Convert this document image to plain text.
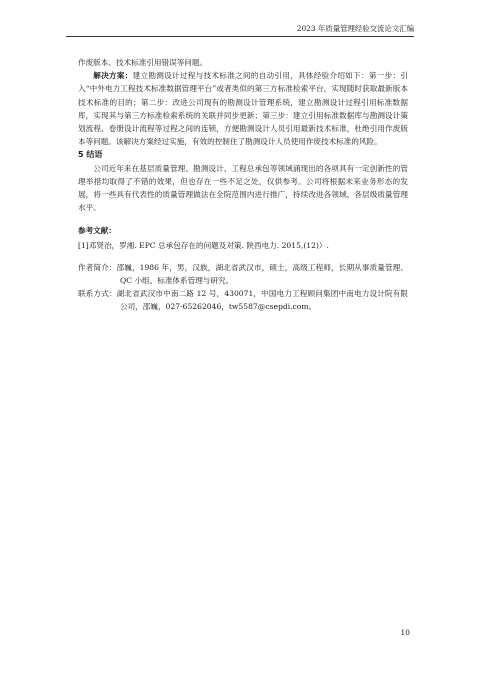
2023 年质量管理经验交流论文汇编

作废版本、技术标准引用错误等问题。

解决方案：建立勘测设计过程与技术标准之间的自动引用，具体经验介绍如下：第一步：引入“中外电力工程技术标准数据管理平台”或者类似的第三方标准检索平台，实现随时获取最新版本技术标准的目的；第二步：改进公司现有的勘测设计管理系统，建立勘测设计过程引用标准数据库，实现其与第三方标准检索系统的关联并同步更新；第三步：建立引用标准数据库与勘测设计策划流程、卷册设计流程等过程之间的连锁，方便勘测设计人员引用最新技术标准，杜绝引用作废版本等问题。该解决方案经过实施，有效的控制住了勘测设计人员使用作废技术标准的风险。

5 结语

公司近年来在基层质量管理、勘测设计、工程总承包等领域涌现出的各项具有一定创新性的管理举措均取得了不错的效果，但也存在一些不足之处，仅供参考。公司将根据未来业务形态的发展，将一些具有代表性的质量管理做法在全院范围内进行推广，持续改进各领域、各层级质量管理水平。

参考文献：

[1]邓贤治，罗湘. EPC 总承包存在的问题及对策. 陕西电力. 2015,(12)）.

作者简介：邵巍，1986 年，男，汉族，湖北省武汉市，硕士，高级工程师，长期从事质量管理、QC 小组、标准体系管理与研究。

联系方式：湖北省武汉市中南二路 12 号，430071，中国电力工程顾问集团中南电力设计院有限公司，邵巍，027-65262046，tw5587@csepdi.com。

10
